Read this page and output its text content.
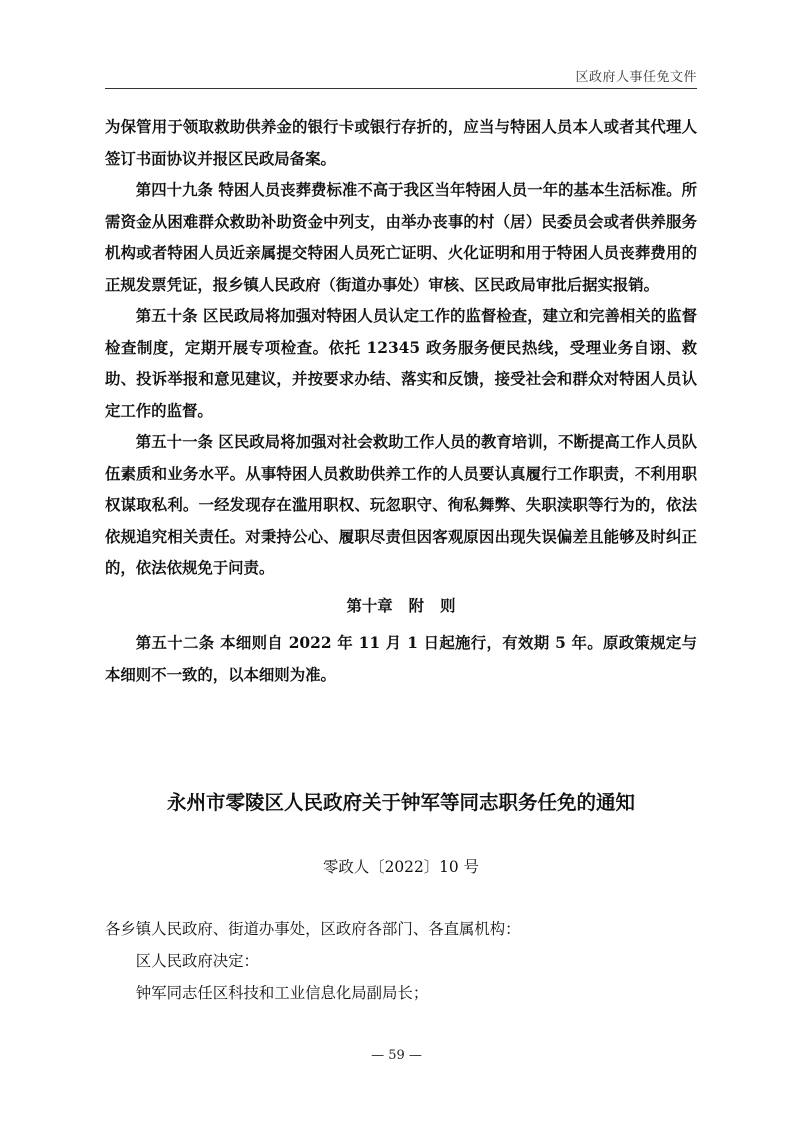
区政府人事任免文件

为保管用于领取救助供养金的银行卡或银行存折的，应当与特困人员本人或者其代理人签订书面协议并报区民政局备案。

第四十九条 特困人员丧葬费标准不高于我区当年特困人员一年的基本生活标准。所需资金从困难群众救助补助资金中列支，由举办丧事的村（居）民委员会或者供养服务机构或者特困人员近亲属提交特困人员死亡证明、火化证明和用于特困人员丧葬费用的正规发票凭证，报乡镇人民政府（街道办事处）审核、区民政局审批后据实报销。

第五十条 区民政局将加强对特困人员认定工作的监督检查，建立和完善相关的监督检查制度，定期开展专项检查。依托 12345 政务服务便民热线，受理业务自诩、救助、投诉举报和意见建议，并按要求办结、落实和反馈，接受社会和群众对特困人员认定工作的监督。

第五十一条 区民政局将加强对社会救助工作人员的教育培训，不断提高工作人员队伍素质和业务水平。从事特困人员救助供养工作的人员要认真履行工作职责，不利用职权谋取私利。一经发现存在滥用职权、玩忽职守、徇私舞弊、失职渎职等行为的，依法依规追究相关责任。对秉持公心、履职尽责但因客观原因出现失误偏差且能够及时纠正的，依法依规免于问责。

第十章   附   则

第五十二条 本细则自 2022 年 11 月 1 日起施行，有效期 5 年。原政策规定与本细则不一致的，以本细则为准。

永州市零陵区人民政府关于钟军等同志职务任免的通知
零政人〔2022〕10 号

各乡镇人民政府、街道办事处，区政府各部门、各直属机构：

区人民政府决定：

钟军同志任区科技和工业信息化局副局长；

— 59 —
